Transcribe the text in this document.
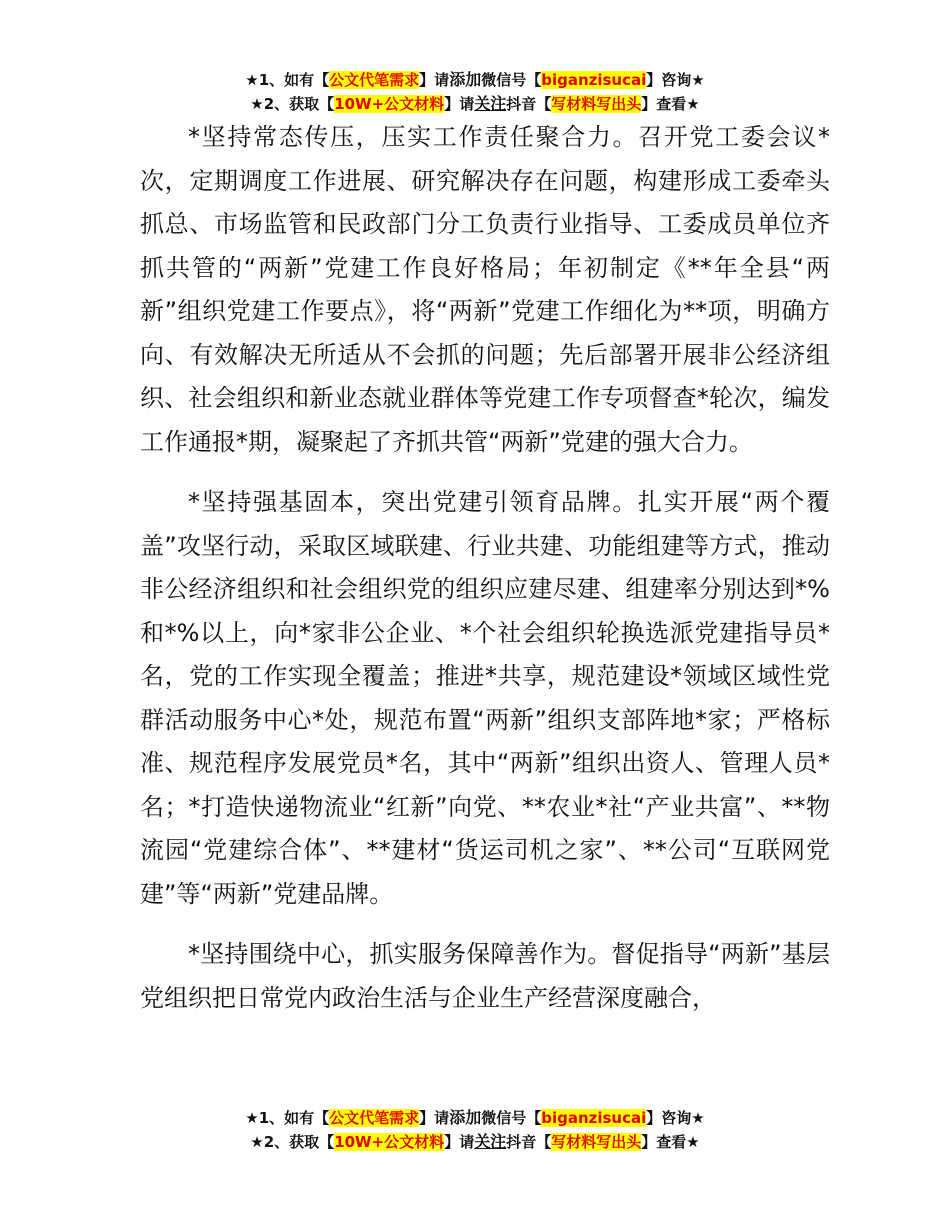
★1、如有【公文代笔需求】请添加微信号【biganzisucai】咨询★
★2、获取【10W+公文材料】请关注抖音【写材料写出头】查看★

*坚持常态传压，压实工作责任聚合力。召开党工委会议*次，定期调度工作进展、研究解决存在问题，构建形成工委牵头抓总、市场监管和民政部门分工负责行业指导、工委成员单位齐抓共管的“两新”党建工作良好格局；年初制定《**年全县“两新”组织党建工作要点》，将“两新”党建工作细化为**项，明确方向、有效解决无所适从不会抓的问题；先后部署开展非公经济组织、社会组织和新业态就业群体等党建工作专项督查*轮次，编发工作通报*期，凝聚起了齐抓共管“两新”党建的强大合力。

*坚持强基固本，突出党建引领育品牌。扎实开展“两个覆盖”攻坚行动，采取区域联建、行业共建、功能组建等方式，推动非公经济组织和社会组织党的组织应建尽建、组建率分别达到*%和*%以上，向*家非公企业、*个社会组织轮换选派党建指导员*名，党的工作实现全覆盖；推进*共享，规范建设*领域区域性党群活动服务中心*处，规范布置“两新”组织支部阵地*家；严格标准、规范程序发展党员*名，其中“两新”组织出资人、管理人员*名；*打造快递物流业“红新”向党、**农业*社“产业共富”、**物流园“党建综合体”、**建材“货运司机之家”、**公司“互联网党建”等“两新”党建品牌。

*坚持围绕中心，抓实服务保障善作为。督促指导“两新”基层党组织把日常党内政治生活与企业生产经营深度融合，

★1、如有【公文代笔需求】请添加微信号【biganzisucai】咨询★
★2、获取【10W+公文材料】请关注抖音【写材料写出头】查看★
